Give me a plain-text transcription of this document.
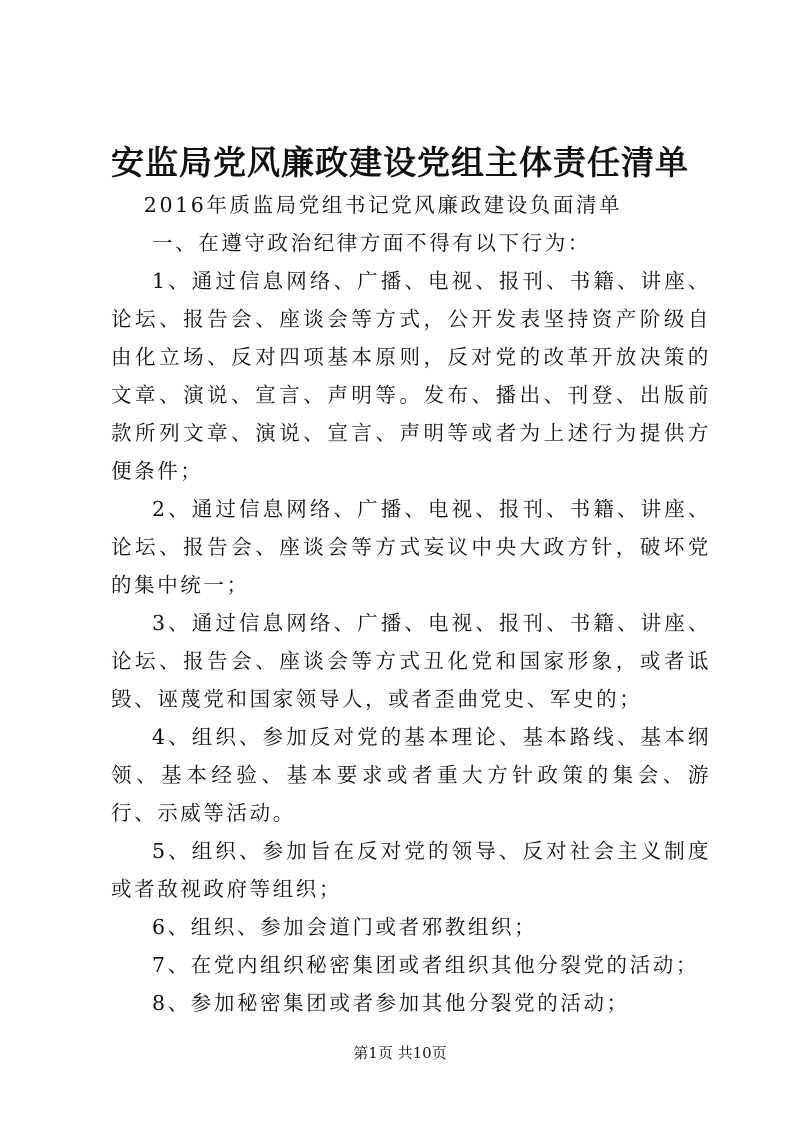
安监局党风廉政建设党组主体责任清单

2016年质监局党组书记党风廉政建设负面清单

一、在遵守政治纪律方面不得有以下行为：

1、通过信息网络、广播、电视、报刊、书籍、讲座、论坛、报告会、座谈会等方式，公开发表坚持资产阶级自由化立场、反对四项基本原则，反对党的改革开放决策的文章、演说、宣言、声明等。发布、播出、刊登、出版前款所列文章、演说、宣言、声明等或者为上述行为提供方便条件；

2、通过信息网络、广播、电视、报刊、书籍、讲座、论坛、报告会、座谈会等方式妄议中央大政方针，破坏党的集中统一；

3、通过信息网络、广播、电视、报刊、书籍、讲座、论坛、报告会、座谈会等方式丑化党和国家形象，或者诋毁、诬蔑党和国家领导人，或者歪曲党史、军史的；

4、组织、参加反对党的基本理论、基本路线、基本纲领、基本经验、基本要求或者重大方针政策的集会、游行、示威等活动。

5、组织、参加旨在反对党的领导、反对社会主义制度或者敌视政府等组织；

6、组织、参加会道门或者邪教组织；

7、在党内组织秘密集团或者组织其他分裂党的活动；

8、参加秘密集团或者参加其他分裂党的活动；

第1页 共10页
